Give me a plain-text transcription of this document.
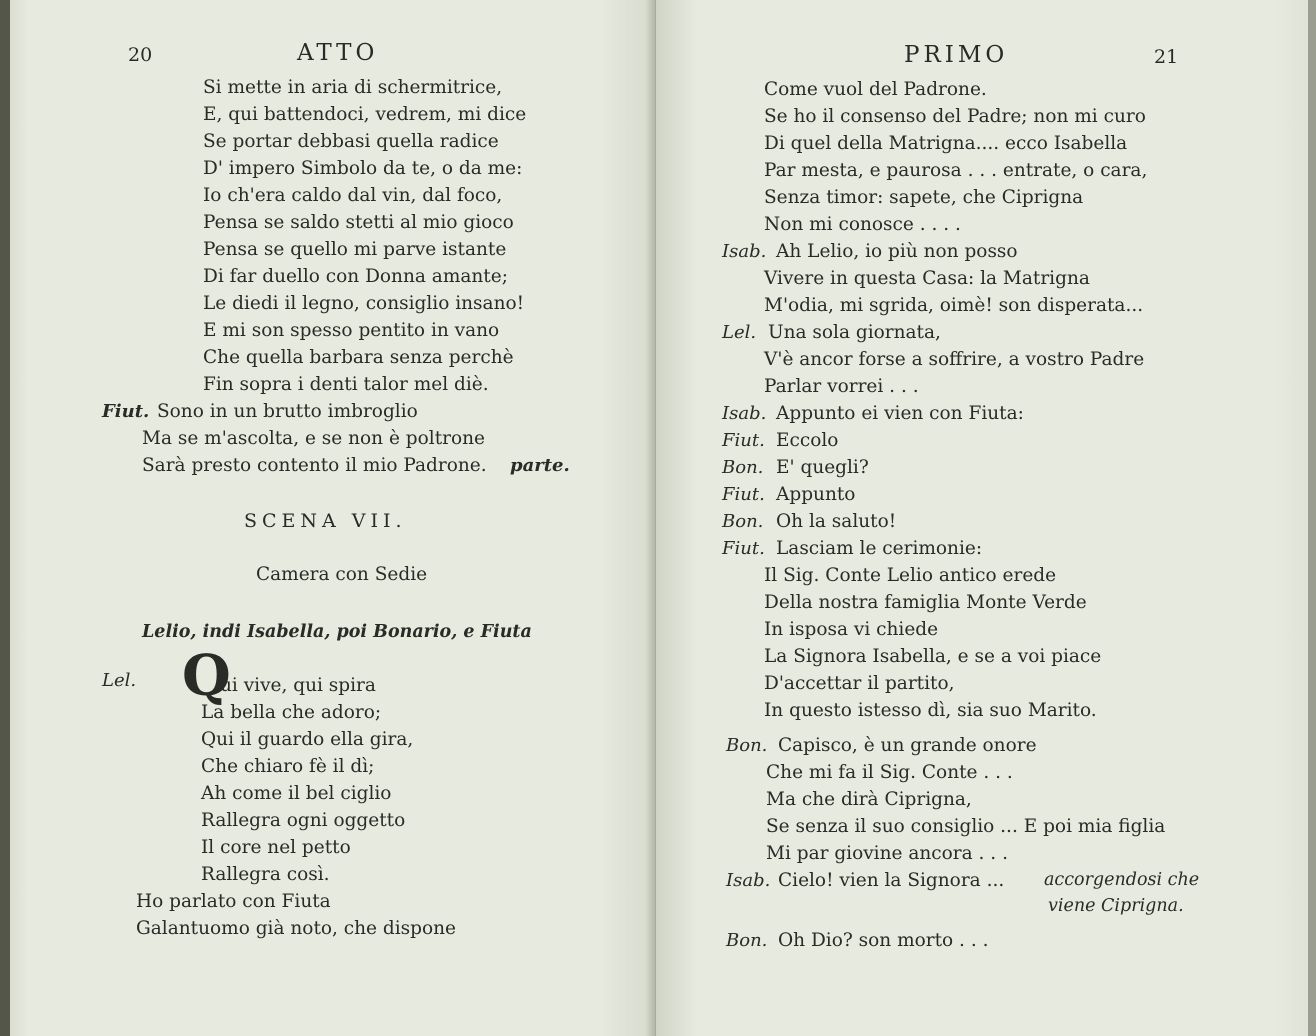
20	ATTO
Si mette in aria di schermitrice,
E, qui battendoci, vedrem, mi dice
Se portar debbasi quella radice
D' impero Simbolo da te, o da me:
Io ch'era caldo dal vin, dal foco,
Pensa se saldo stetti al mio gioco
Pensa se quello mi parve istante
Di far duello con Donna amante;
Le diedi il legno, consiglio insano!
E mi son spesso pentito in vano
Che quella barbara senza perchè
Fin sopra i denti talor mel diè.
Fiut. Sono in un brutto imbroglio
Ma se m'ascolta, e se non è poltrone
Sarà presto contento il mio Padrone. parte.
SCENA VII.
Camera con Sedie
Lelio, indi Isabella, poi Bonario, e Fiuta
Lel. Q
ui vive, qui spira
La bella che adoro;
Qui il guardo ella gira,
Che chiaro fè il dì;
Ah come il bel ciglio
Rallegra ogni oggetto
Il core nel petto
Rallegra così.
Ho parlato con Fiuta
Galantuomo già noto, che dispone
PRIMO	21
Come vuol del Padrone.
Se ho il consenso del Padre; non mi curo
Di quel della Matrigna.... ecco Isabella
Par mesta, e paurosa . . . entrate, o cara,
Senza timor: sapete, che Ciprigna
Non mi conosce . . . .
Isab. Ah Lelio, io più non posso
Vivere in questa Casa: la Matrigna
M'odia, mi sgrida, oimè! son disperata...
Lel. Una sola giornata,
V'è ancor forse a soffrire, a vostro Padre
Parlar vorrei . . .
Isab. Appunto ei vien con Fiuta:
Fiut. Eccolo
Bon. E' quegli?
Fiut. Appunto
Bon. Oh la saluto!
Fiut. Lasciam le cerimonie:
Il Sig. Conte Lelio antico erede
Della nostra famiglia Monte Verde
In isposa vi chiede
La Signora Isabella, e se a voi piace
D'accettar il partito,
In questo istesso dì, sia suo Marito.
Bon. Capisco, è un grande onore
Che mi fa il Sig. Conte . . .
Ma che dirà Ciprigna,
Se senza il suo consiglio ... E poi mia figlia
Mi par giovine ancora . . .
Isab. Cielo! vien la Signora ... accorgendosi che
viene Ciprigna.
Bon. Oh Dio? son morto . . .
